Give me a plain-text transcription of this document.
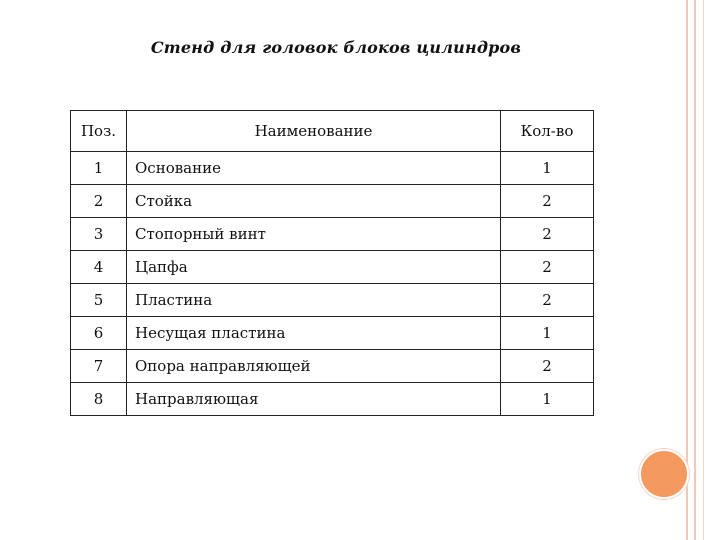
Стенд для головок блоков цилиндров
Поз.	Наименование	Кол-во
1	Основание	1
2	Стойка	2
3	Стопорный винт	2
4	Цапфа	2
5	Пластина	2
6	Несущая пластина	1
7	Опора направляющей	2
8	Направляющая	1
